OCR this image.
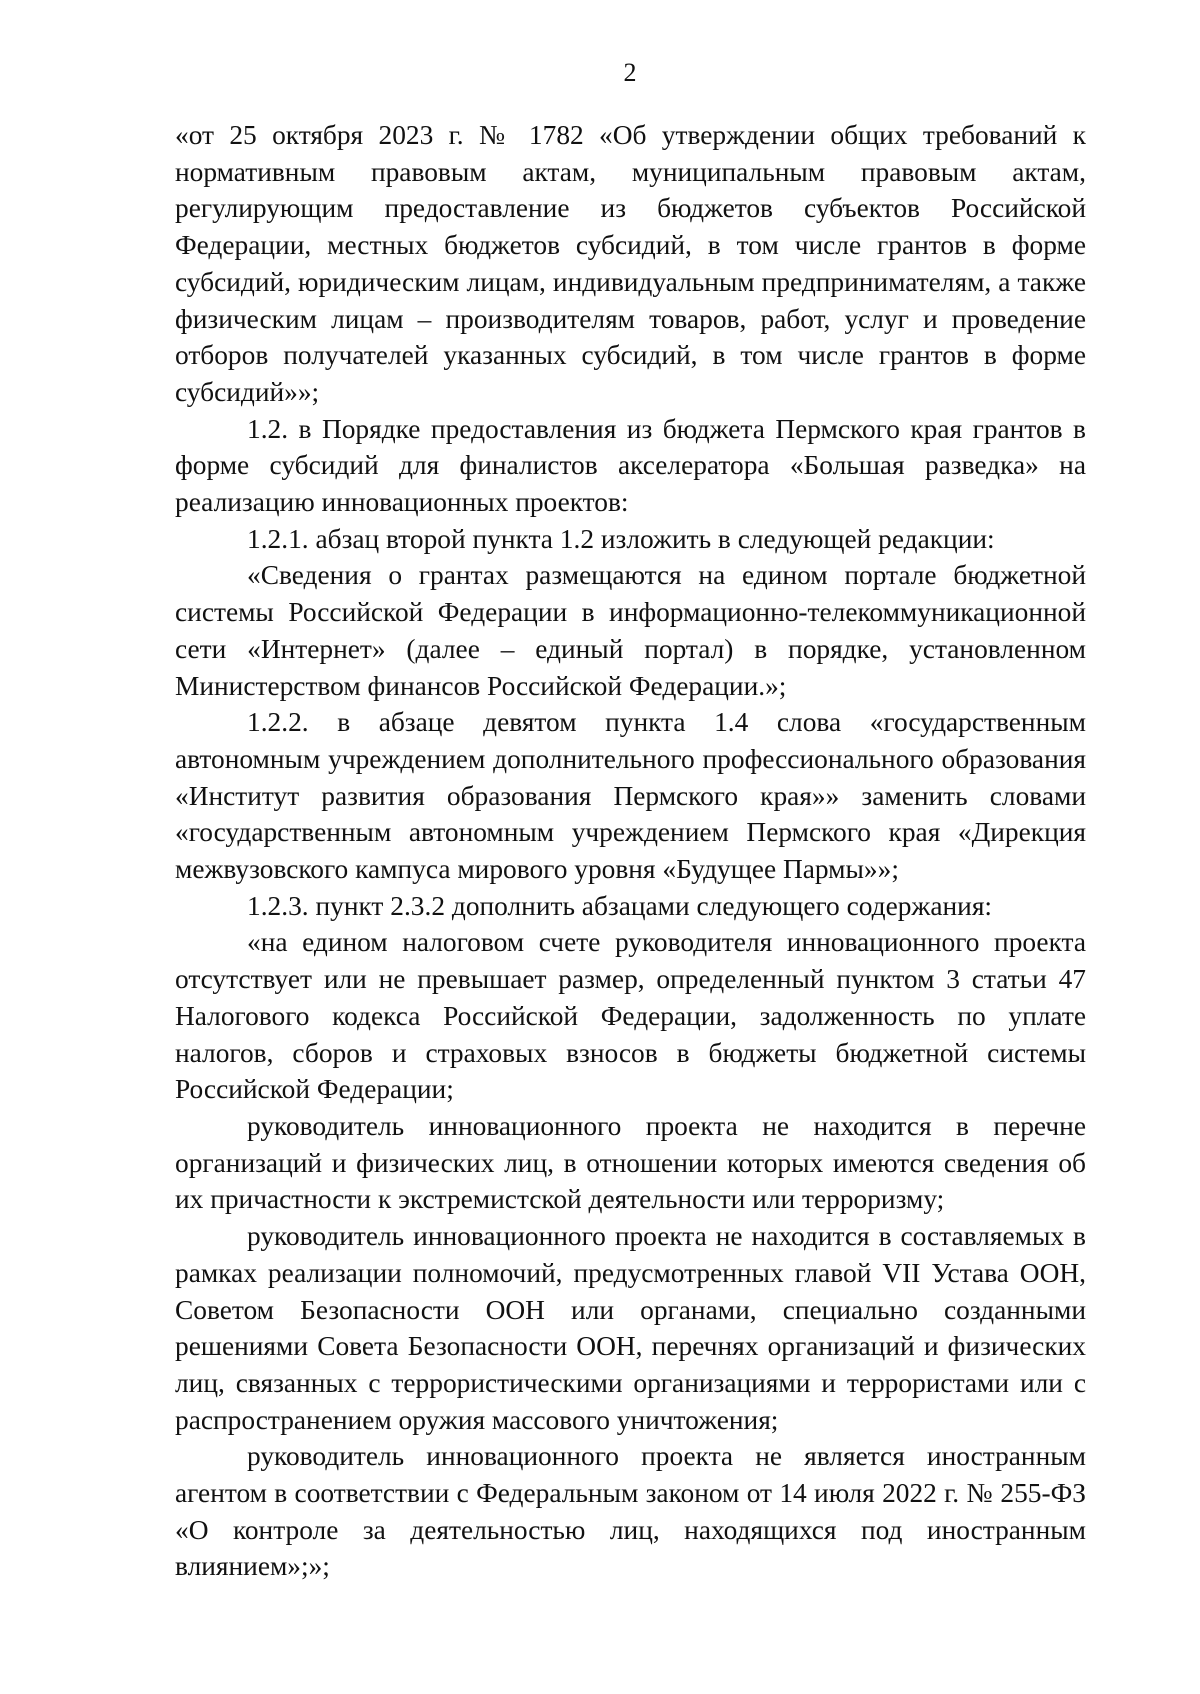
2

«от 25 октября 2023 г. № 1782 «Об утверждении общих требований к нормативным правовым актам, муниципальным правовым актам, регулирующим предоставление из бюджетов субъектов Российской Федерации, местных бюджетов субсидий, в том числе грантов в форме субсидий, юридическим лицам, индивидуальным предпринимателям, а также физическим лицам – производителям товаров, работ, услуг и проведение отборов получателей указанных субсидий, в том числе грантов в форме субсидий»»;

1.2. в Порядке предоставления из бюджета Пермского края грантов в форме субсидий для финалистов акселератора «Большая разведка» на реализацию инновационных проектов:

1.2.1. абзац второй пункта 1.2 изложить в следующей редакции:

«Сведения о грантах размещаются на едином портале бюджетной системы Российской Федерации в информационно-телекоммуникационной сети «Интернет» (далее – единый портал) в порядке, установленном Министерством финансов Российской Федерации.»;

1.2.2. в абзаце девятом пункта 1.4 слова «государственным автономным учреждением дополнительного профессионального образования «Институт развития образования Пермского края»» заменить словами «государственным автономным учреждением Пермского края «Дирекция межвузовского кампуса мирового уровня «Будущее Пармы»»;

1.2.3. пункт 2.3.2 дополнить абзацами следующего содержания:

«на едином налоговом счете руководителя инновационного проекта отсутствует или не превышает размер, определенный пунктом 3 статьи 47 Налогового кодекса Российской Федерации, задолженность по уплате налогов, сборов и страховых взносов в бюджеты бюджетной системы Российской Федерации;

руководитель инновационного проекта не находится в перечне организаций и физических лиц, в отношении которых имеются сведения об их причастности к экстремистской деятельности или терроризму;

руководитель инновационного проекта не находится в составляемых в рамках реализации полномочий, предусмотренных главой VII Устава ООН, Советом Безопасности ООН или органами, специально созданными решениями Совета Безопасности ООН, перечнях организаций и физических лиц, связанных с террористическими организациями и террористами или с распространением оружия массового уничтожения;

руководитель инновационного проекта не является иностранным агентом в соответствии с Федеральным законом от 14 июля 2022 г. № 255-ФЗ «О контроле за деятельностью лиц, находящихся под иностранным влиянием»;»;
